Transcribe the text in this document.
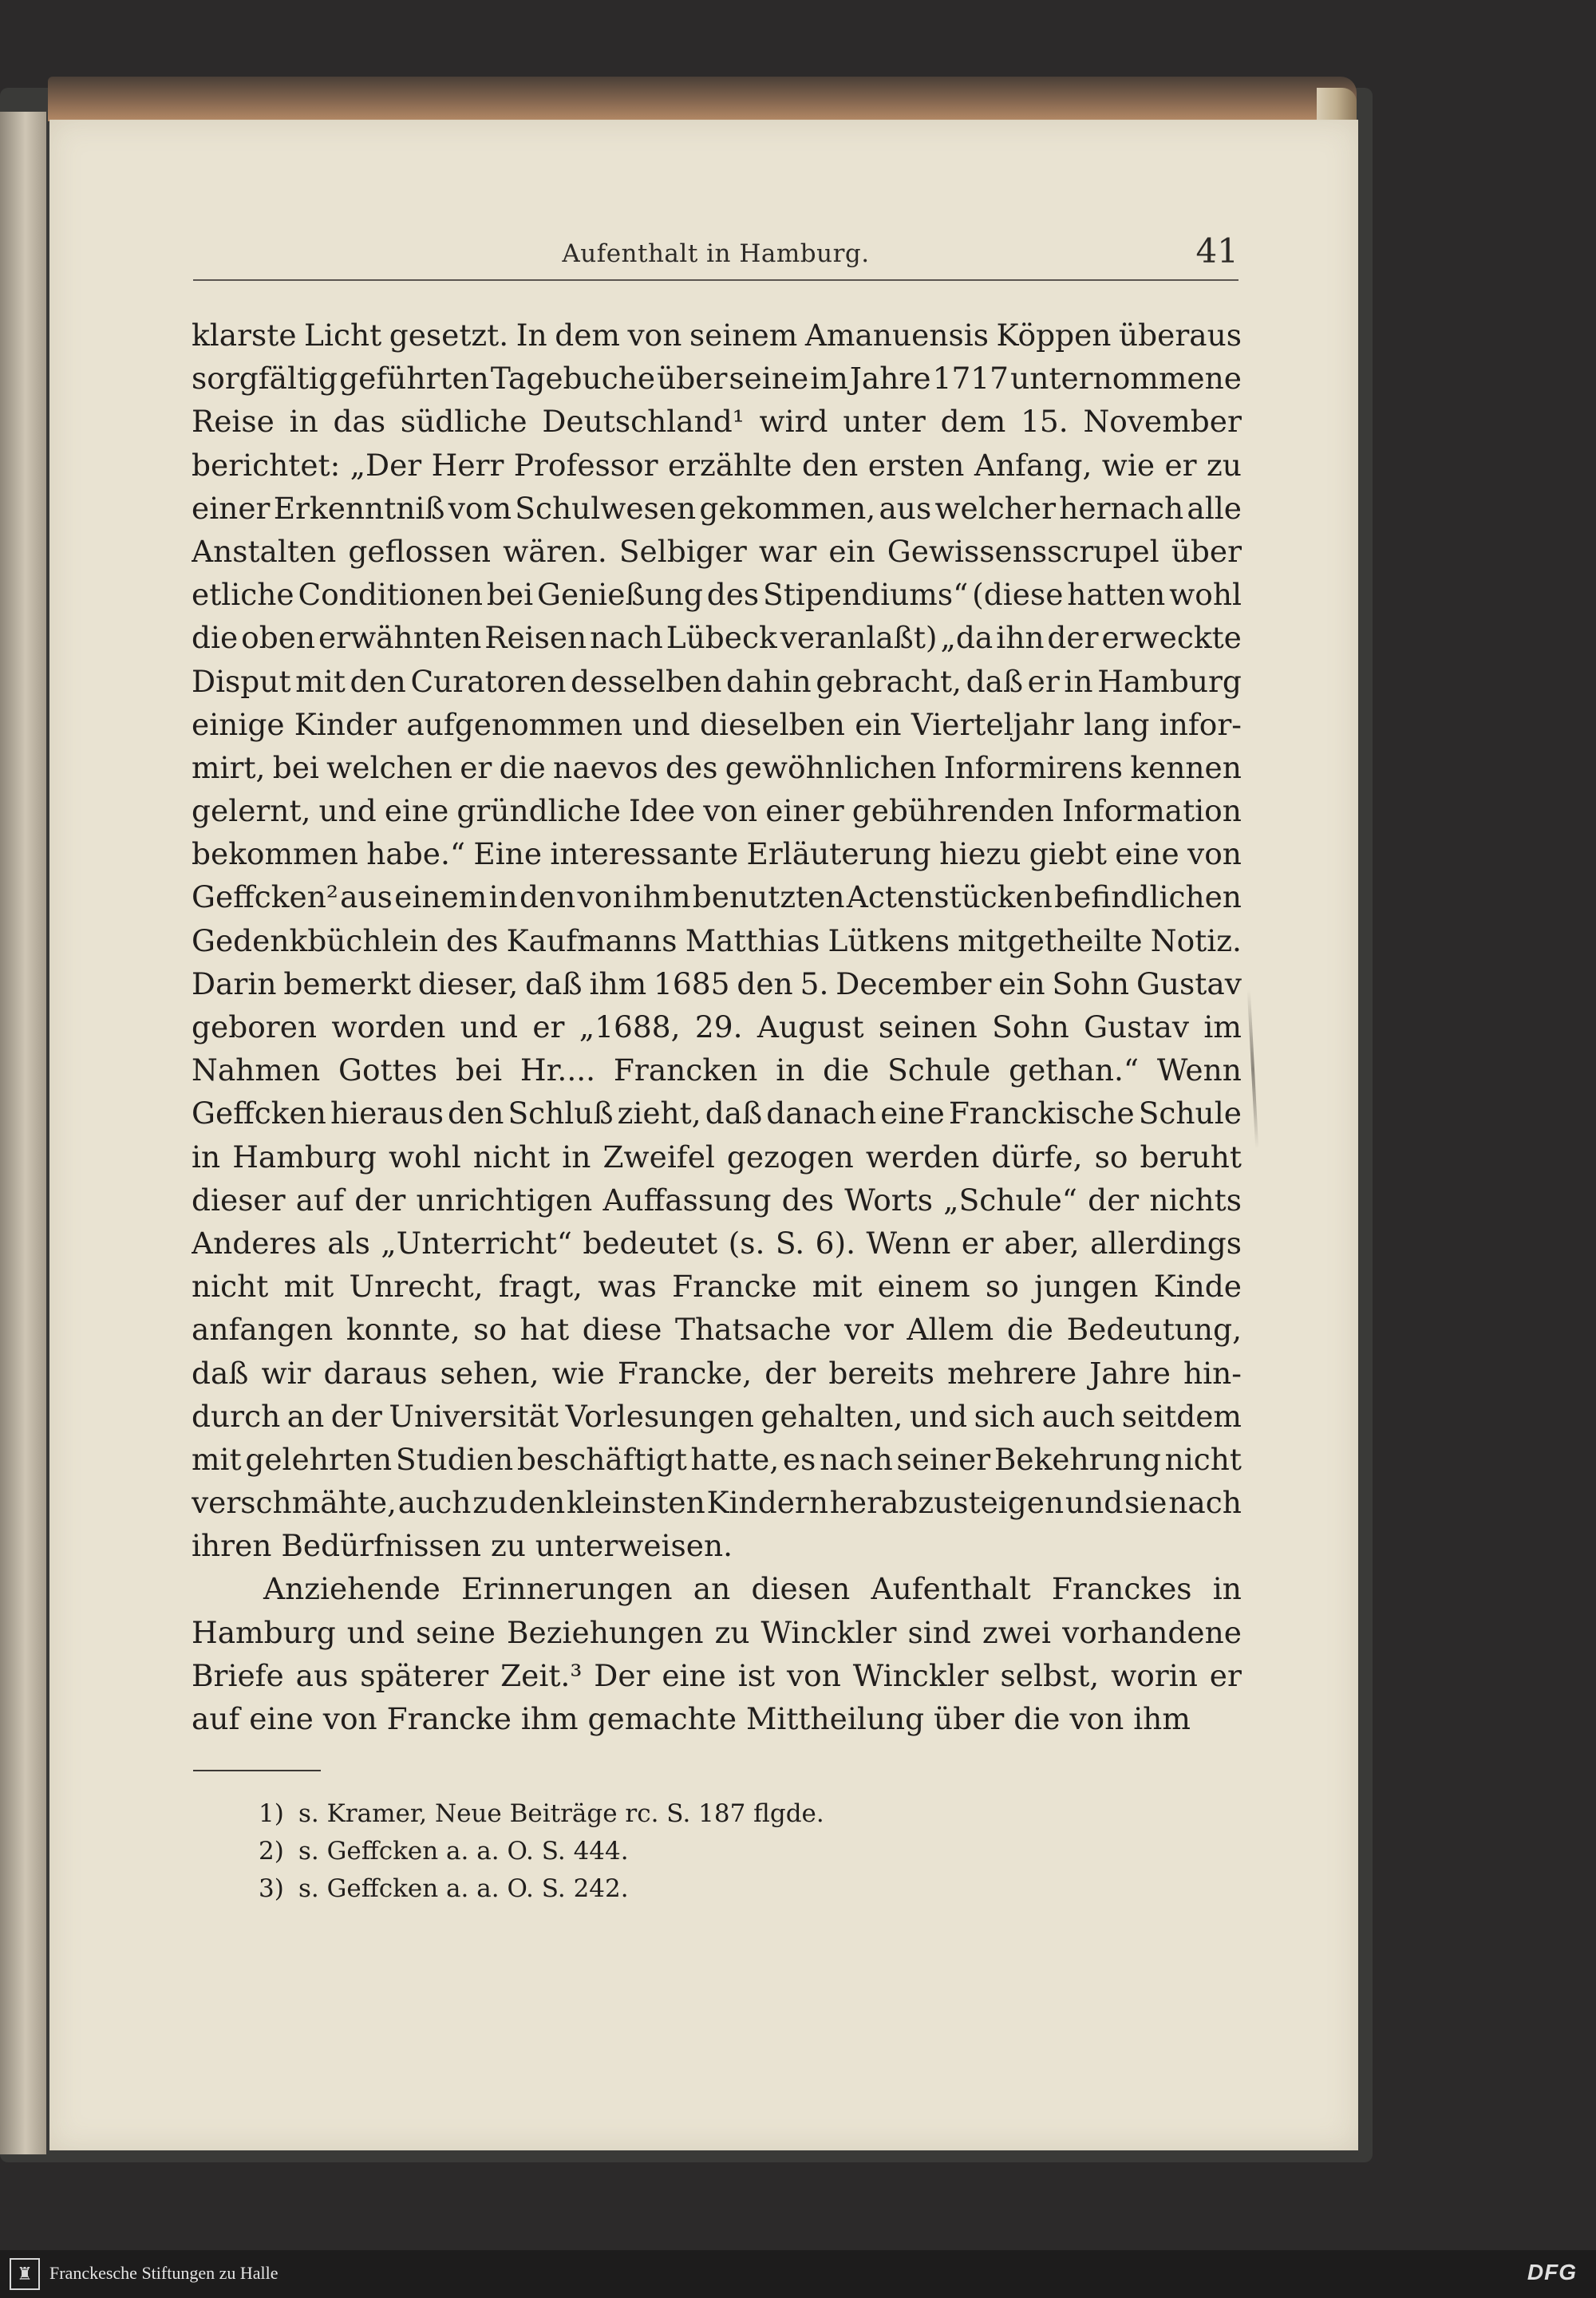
Aufenthalt in Hamburg.	41
klarste Licht gesetzt. In dem von seinem Amanuensis Köppen überaus
sorgfältig geführten Tagebuche über seine im Jahre 1717 unternommene
Reise in das südliche Deutschland¹ wird unter dem 15. November
berichtet: „Der Herr Professor erzählte den ersten Anfang, wie er zu
einer Erkenntniß vom Schulwesen gekommen, aus welcher hernach alle
Anstalten geflossen wären. Selbiger war ein Gewissensscrupel über
etliche Conditionen bei Genießung des Stipendiums“ (diese hatten wohl
die oben erwähnten Reisen nach Lübeck veranlaßt) „da ihn der erweckte
Disput mit den Curatoren desselben dahin gebracht, daß er in Hamburg
einige Kinder aufgenommen und dieselben ein Vierteljahr lang infor-
mirt, bei welchen er die naevos des gewöhnlichen Informirens kennen
gelernt, und eine gründliche Idee von einer gebührenden Information
bekommen habe.“ Eine interessante Erläuterung hiezu giebt eine von
Geffcken² aus einem in den von ihm benutzten Actenstücken befindlichen
Gedenkbüchlein des Kaufmanns Matthias Lütkens mitgetheilte Notiz.
Darin bemerkt dieser, daß ihm 1685 den 5. December ein Sohn Gustav
geboren worden und er „1688, 29. August seinen Sohn Gustav im
Nahmen Gottes bei Hr.... Francken in die Schule gethan.“ Wenn
Geffcken hieraus den Schluß zieht, daß danach eine Franckische Schule
in Hamburg wohl nicht in Zweifel gezogen werden dürfe, so beruht
dieser auf der unrichtigen Auffassung des Worts „Schule“ der nichts
Anderes als „Unterricht“ bedeutet (s. S. 6). Wenn er aber, allerdings
nicht mit Unrecht, fragt, was Francke mit einem so jungen Kinde
anfangen konnte, so hat diese Thatsache vor Allem die Bedeutung,
daß wir daraus sehen, wie Francke, der bereits mehrere Jahre hin-
durch an der Universität Vorlesungen gehalten, und sich auch seitdem
mit gelehrten Studien beschäftigt hatte, es nach seiner Bekehrung nicht
verschmähte, auch zu den kleinsten Kindern herabzusteigen und sie nach
ihren Bedürfnissen zu unterweisen.
Anziehende Erinnerungen an diesen Aufenthalt Franckes in
Hamburg und seine Beziehungen zu Winckler sind zwei vorhandene
Briefe aus späterer Zeit.³ Der eine ist von Winckler selbst, worin er
auf eine von Francke ihm gemachte Mittheilung über die von ihm
1) s. Kramer, Neue Beiträge rc. S. 187 flgde.
2) s. Geffcken a. a. O. S. 444.
3) s. Geffcken a. a. O. S. 242.
♜ Franckesche Stiftungen zu Halle	DFG
